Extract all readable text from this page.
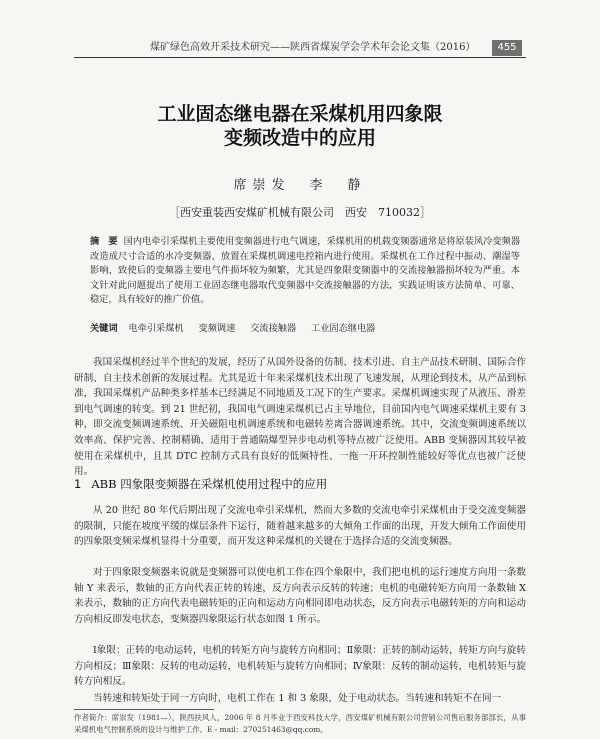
煤矿绿色高效开采技术研究——陕西省煤炭学会学术年会论文集（2016）	455
工业固态继电器在采煤机用四象限
变频改造中的应用
席崇发　李　静
［西安重装西安煤矿机械有限公司　西安　710032］
摘　要 国内电牵引采煤机主要使用变频器进行电气调速，采煤机用的机载变频器通常是将原装风冷变频器改造成尺寸合适的水冷变频器，放置在采煤机调速电控箱内进行使用。采煤机在工作过程中振动、潮湿等影响，致使后的变频器主要电气件损坏较为频繁，尤其是四象限变频器中的交流接触器损坏较为严重。本文针对此问题提出了使用工业固态继电器取代变频器中交流接触器的方法，实践证明该方法简单、可靠、稳定，具有较好的推广价值。
关键词 电牵引采煤机 变频调速 交流接触器 工业固态继电器
我国采煤机经过半个世纪的发展，经历了从国外设备的仿制、技术引进、自主产品技术研制、国际合作研制、自主技术创新的发展过程。尤其是近十年来采煤机技术出现了飞速发展，从理论到技术，从产品到标准，我国采煤机产品种类多样基本已经满足不同地质及工况下的生产要求。采煤机调速实现了从液压、滑差到电气调速的转变。到 21 世纪初，我国电气调速采煤机已占主导地位，目前国内电气调速采煤机主要有 3 种，即交流变频调速系统、开关磁阻电机调速系统和电磁转差离合器调速系统。其中，交流变频调速系统以效率高、保护完善、控制精确、适用于普通隔爆型异步电动机等特点被广泛使用。ABB 变频器因其较早被使用在采煤机中，且其 DTC 控制方式具有良好的低频特性、一拖一开环控制性能较好等优点也被广泛使用。
1 ABB 四象限变频器在采煤机使用过程中的应用
从 20 世纪 80 年代后期出现了交流电牵引采煤机，然而大多数的交流电牵引采煤机由于受交流变频器的限制，只能在坡度平缓的煤层条件下运行，随着越来越多的大倾角工作面的出现，开发大倾角工作面使用的四象限变频采煤机显得十分重要，而开发这种采煤机的关键在于选择合适的交流变频器。
对于四象限变频器来说就是变频器可以使电机工作在四个象限中，我们把电机的运行速度方向用一条数轴 Y 来表示，数轴的正方向代表正转的转速，反方向表示反转的转速；电机的电磁转矩方向用一条数轴 X 来表示，数轴的正方向代表电磁转矩的正向和运动方向相同即电动状态，反方向表示电磁转矩的方向和运动方向相反即发电状态，变频器四象限运行状态如图 1 所示。
Ⅰ象限：正转的电动运转，电机的转矩方向与旋转方向相同；Ⅱ象限：正转的制动运转，转矩方向与旋转方向相反；Ⅲ象限：反转的电动运转，电机转矩与旋转方向相同；Ⅳ象限：反转的制动运转，电机转矩与旋转方向相反。
当转速和转矩处于同一方向时，电机工作在 1 和 3 象限，处于电动状态。当转速和转矩不在同一
作者简介：席崇发（1981—），陕西扶风人，2006 年 8 月毕业于西安科技大学，西安煤矿机械有限公司营销公司售后服务部部长，从事采煤机电气控制系统的设计与维护工作。E - mail：270251463@qq.com。
